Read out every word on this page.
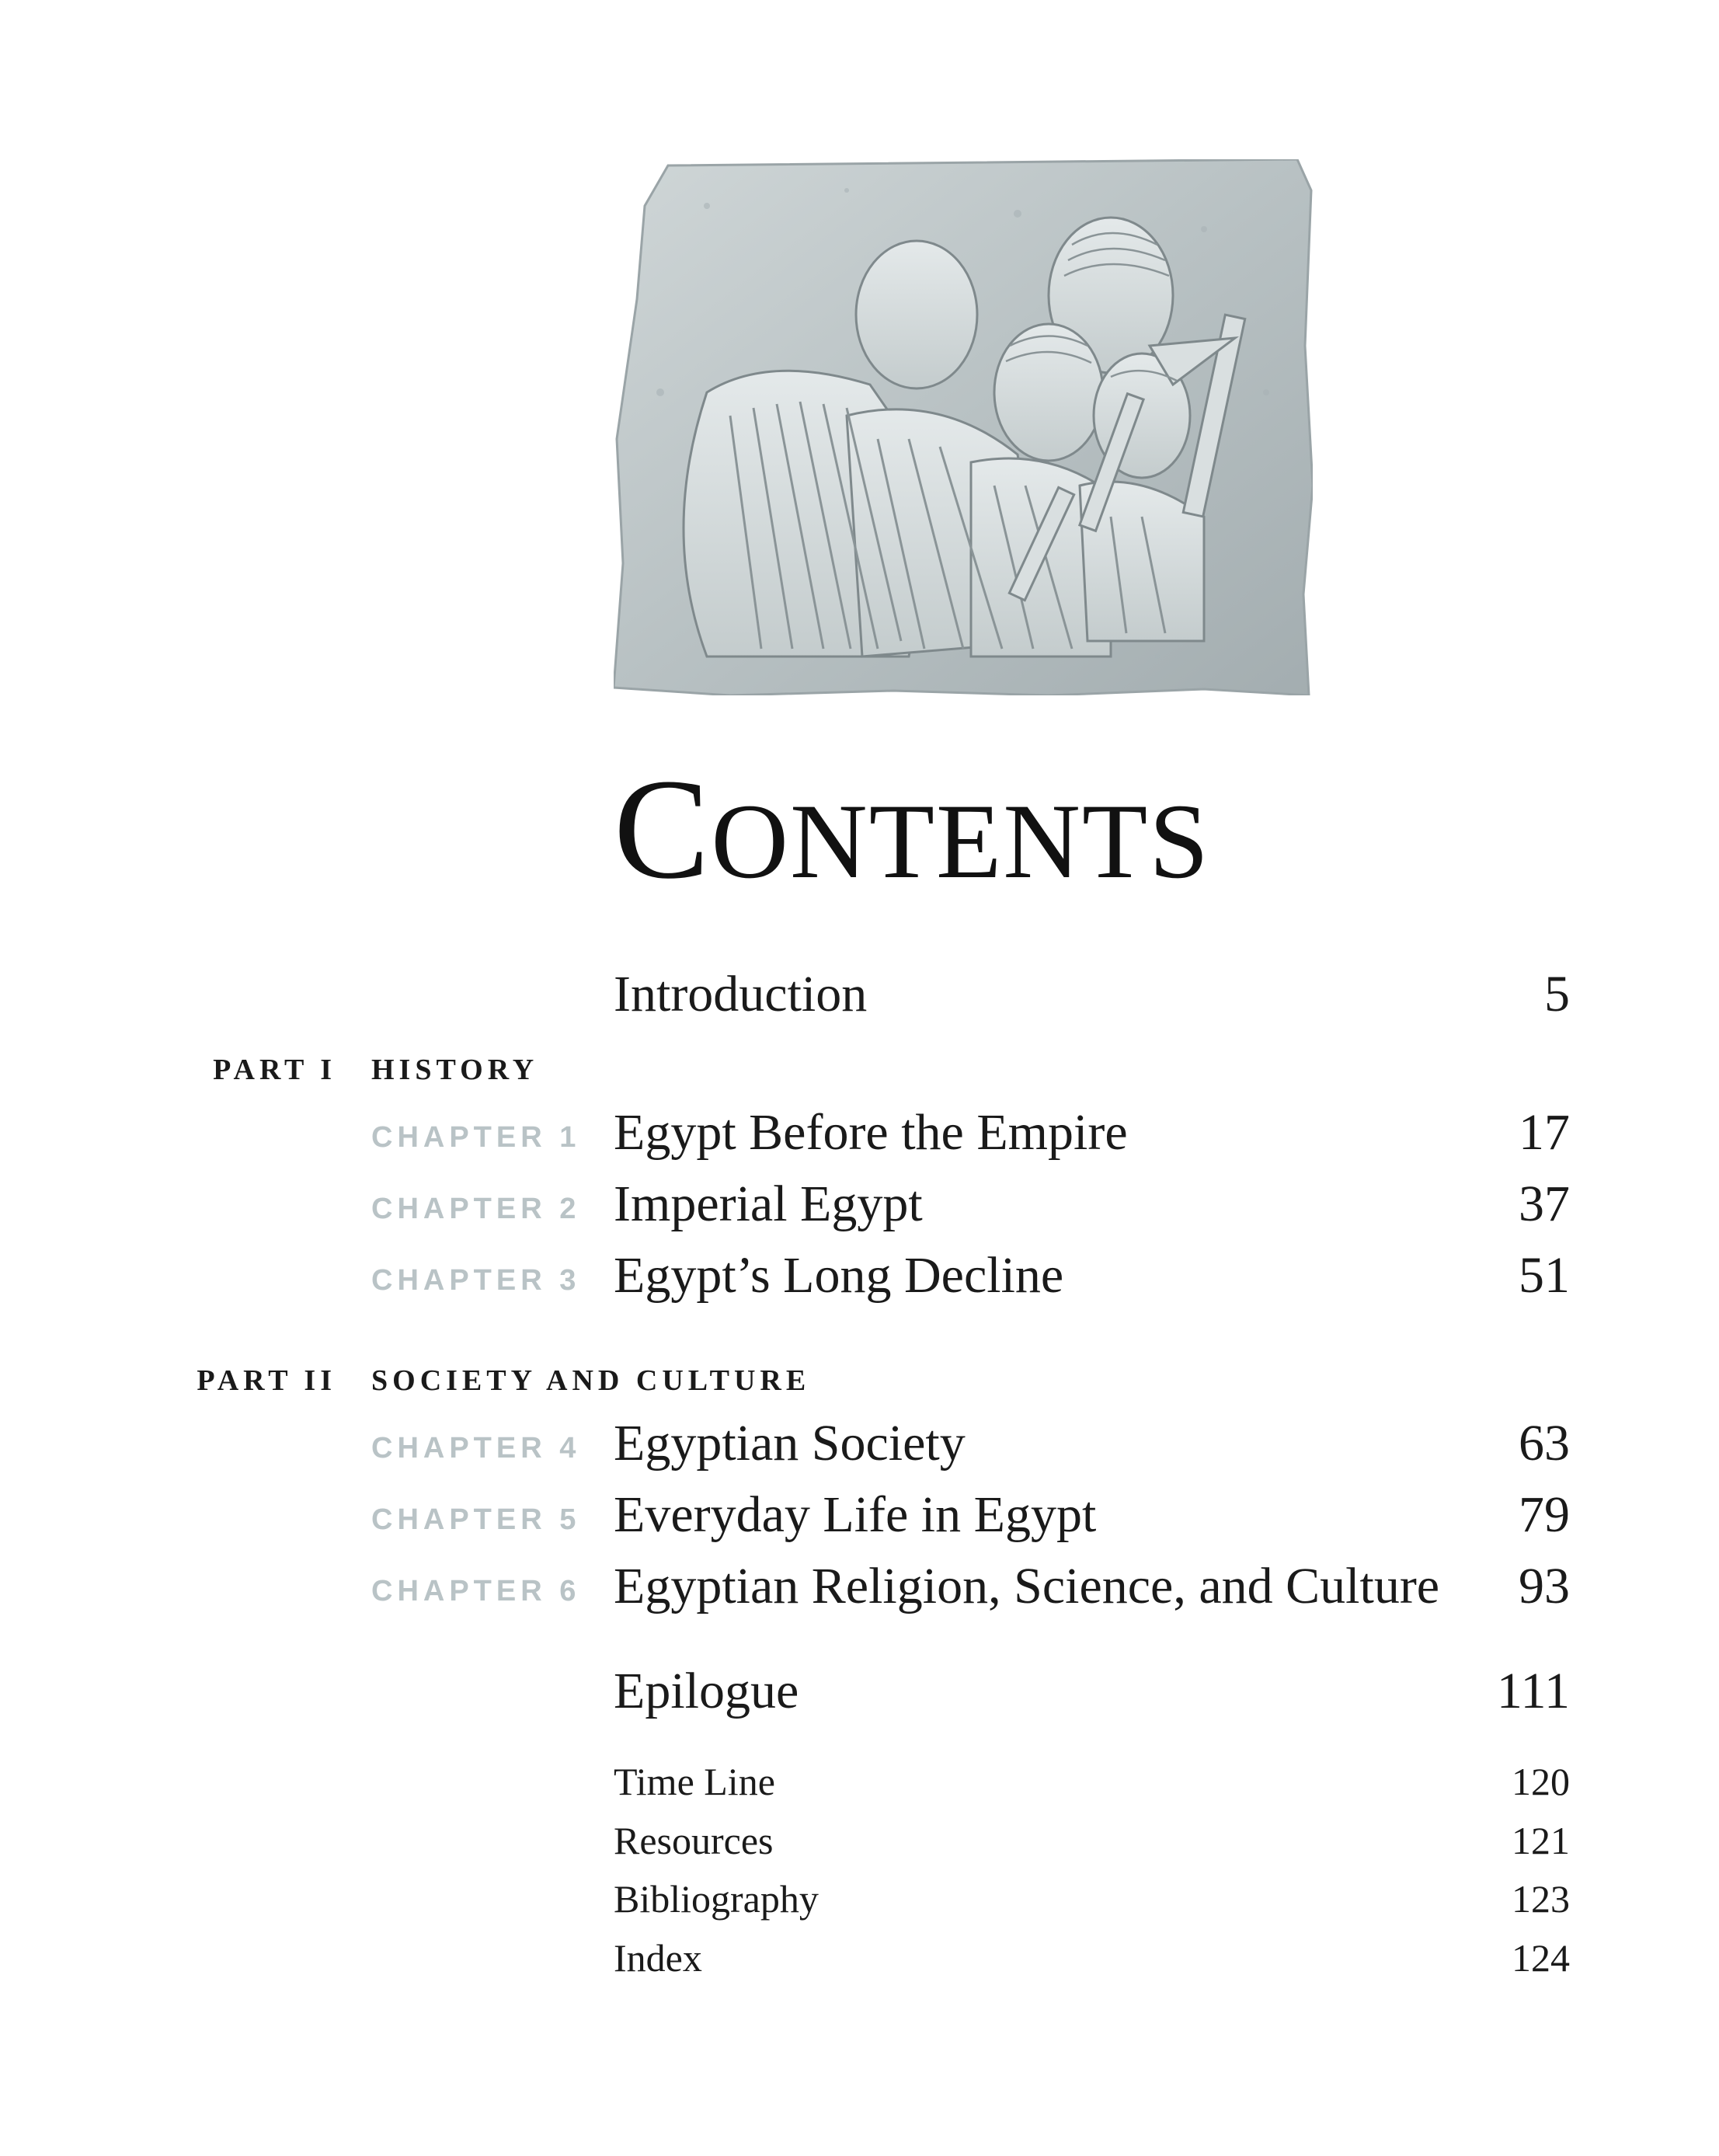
CONTENTS
Introduction	5
PART I HISTORY
CHAPTER 1 Egypt Before the Empire	17
CHAPTER 2 Imperial Egypt	37
CHAPTER 3 Egypt’s Long Decline	51
PART II SOCIETY AND CULTURE
CHAPTER 4 Egyptian Society	63
CHAPTER 5 Everyday Life in Egypt	79
CHAPTER 6 Egyptian Religion, Science, and Culture 93
Epilogue	111
Time Line	120
Resources	121
Bibliography	123
Index	124
